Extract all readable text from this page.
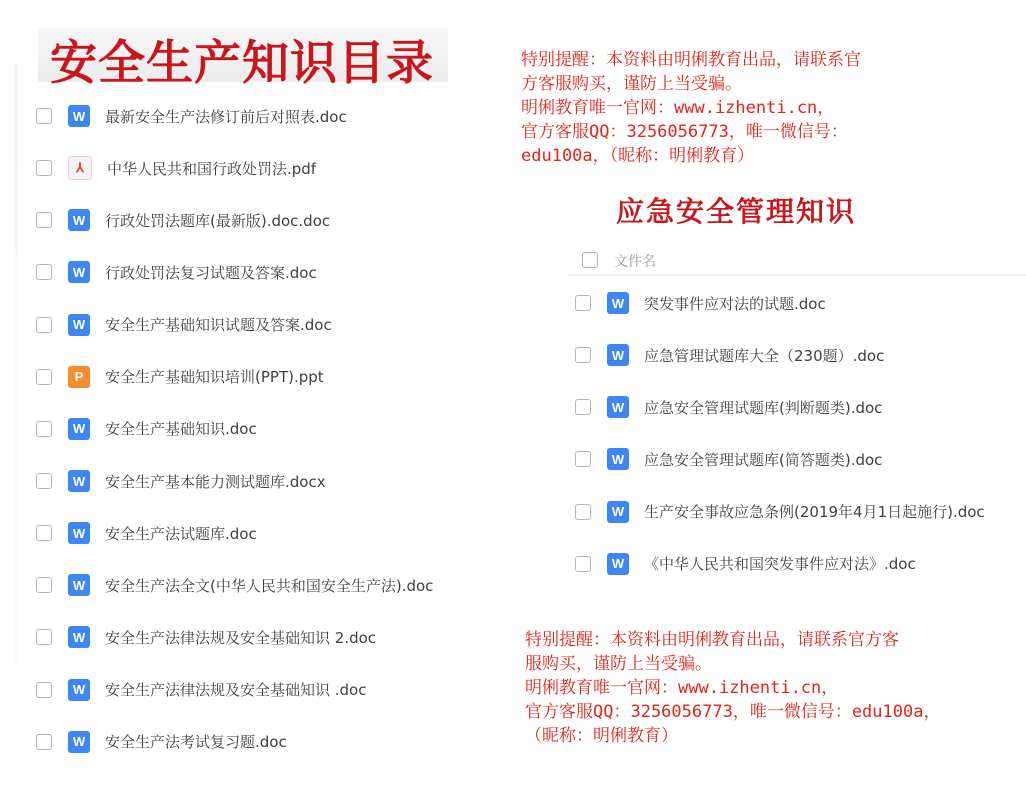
安全生产知识目录
W	最新安全生产法修订前后对照表.doc
⅄	中华人民共和国行政处罚法.pdf
W	行政处罚法题库(最新版).doc.doc
W	行政处罚法复习试题及答案.doc
W	安全生产基础知识试题及答案.doc
P	安全生产基础知识培训(PPT).ppt
W	安全生产基础知识.doc
W	安全生产基本能力测试题库.docx
W	安全生产法试题库.doc
W	安全生产法全文(中华人民共和国安全生产法).doc
W	安全生产法律法规及安全基础知识 2.doc
W	安全生产法律法规及安全基础知识 .doc
W	安全生产法考试复习题.doc
特别提醒：本资料由明俐教育出品，请联系官
方客服购买，谨防上当受骗。
明俐教育唯一官网：www.izhenti.cn，
官方客服QQ：3256056773，唯一微信号：
edu100a，（昵称：明俐教育）
应急安全管理知识
文件名
W	突发事件应对法的试题.doc
W	应急管理试题库大全（230题）.doc
W	应急安全管理试题库(判断题类).doc
W	应急安全管理试题库(简答题类).doc
W	生产安全事故应急条例(2019年4月1日起施行).doc
W	《中华人民共和国突发事件应对法》.doc
特别提醒：本资料由明俐教育出品，请联系官方客
服购买，谨防上当受骗。
明俐教育唯一官网：www.izhenti.cn，
官方客服QQ：3256056773，唯一微信号：edu100a，
（昵称：明俐教育）
